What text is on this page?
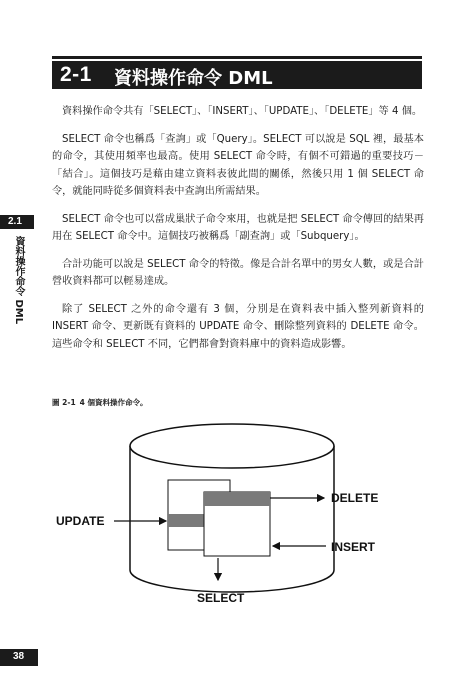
2-1 資料操作命令 DML
2.1
資料操作命令 DML

資料操作命令共有「SELECT」、「INSERT」、「UPDATE」、「DELETE」等 4 個。

SELECT 命令也稱爲「查詢」或「Query」。SELECT 可以說是 SQL 裡，最基本的命令，其使用頻率也最高。使用 SELECT 命令時，有個不可錯過的重要技巧－「結合」。這個技巧是藉由建立資料表彼此間的關係，然後只用 1 個 SELECT 命令，就能同時從多個資料表中查詢出所需結果。

SELECT 命令也可以當成巢狀子命令來用，也就是把 SELECT 命令傳回的結果再用在 SELECT 命令中。這個技巧被稱爲「副查詢」或「Subquery」。

合計功能可以說是 SELECT 命令的特徵。像是合計名單中的男女人數，或是合計營收資料都可以輕易達成。

除了 SELECT 之外的命令還有 3 個，分別是在資料表中插入整列新資料的 INSERT 命令、更新既有資料的 UPDATE 命令、刪除整列資料的 DELETE 命令。這些命令和 SELECT 不同，它們都會對資料庫中的資料造成影響。

圖 2-1 4 個資料操作命令。
DELETE
INSERT
UPDATE
SELECT
38
